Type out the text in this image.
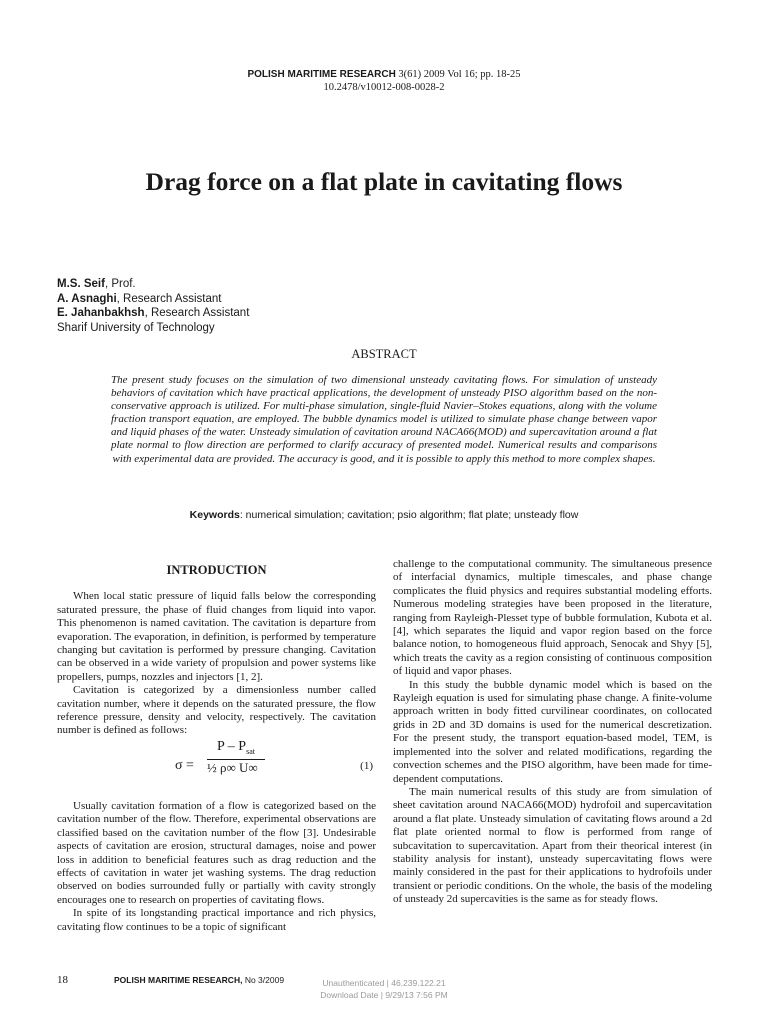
POLISH MARITIME RESEARCH 3(61) 2009 Vol 16; pp. 18-25
10.2478/v10012-008-0028-2
Drag force on a flat plate in cavitating flows
M.S. Seif, Prof.
A. Asnaghi, Research Assistant
E. Jahanbakhsh, Research Assistant
Sharif University of Technology
ABSTRACT
The present study focuses on the simulation of two dimensional unsteady cavitating flows. For simulation of unsteady behaviors of cavitation which have practical applications, the development of unsteady PISO algorithm based on the non-conservative approach is utilized. For multi-phase simulation, single-fluid Navier–Stokes equations, along with the volume fraction transport equation, are employed. The bubble dynamics model is utilized to simulate phase change between vapor and liquid phases of the water. Unsteady simulation of cavitation around NACA66(MOD) and supercavitation around a flat plate normal to flow direction are performed to clarify accuracy of presented model. Numerical results and comparisons with experimental data are provided. The accuracy is good, and it is possible to apply this method to more complex shapes.
Keywords: numerical simulation; cavitation; psio algorithm; flat plate; unsteady flow
INTRODUCTION

When local static pressure of liquid falls below the corresponding saturated pressure, the phase of fluid changes from liquid into vapor. This phenomenon is named cavitation. The cavitation is departure from evaporation. The evaporation, in definition, is performed by temperature changing but cavitation is performed by pressure changing. Cavitation can be observed in a wide variety of propulsion and power systems like propellers, pumps, nozzles and injectors [1, 2].

Cavitation is categorized by a dimensionless number called cavitation number, where it depends on the saturated pressure, the flow reference pressure, density and velocity, respectively. The cavitation number is defined as follows:

σ =
P – $P_{sat}$
½ ρ∞ U∞	(1)

Usually cavitation formation of a flow is categorized based on the cavitation number of the flow. Therefore, experimental observations are classified based on the cavitation number of the flow [3]. Undesirable aspects of cavitation are erosion, structural damages, noise and power loss in addition to beneficial features such as drag reduction and the effects of cavitation in water jet washing systems. The drag reduction observed on bodies surrounded fully or partially with cavity strongly encourages one to research on properties of cavitating flows.

In spite of its longstanding practical importance and rich physics, cavitating flow continues to be a topic of significant

challenge to the computational community. The simultaneous presence of interfacial dynamics, multiple timescales, and phase change complicates the fluid physics and requires substantial modeling efforts. Numerous modeling strategies have been proposed in the literature, ranging from Rayleigh-Plesset type of bubble formulation, Kubota et al. [4], which separates the liquid and vapor region based on the force balance notion, to homogeneous fluid approach, Senocak and Shyy [5], which treats the cavity as a region consisting of continuous composition of liquid and vapor phases.

In this study the bubble dynamic model which is based on the Rayleigh equation is used for simulating phase change. A finite-volume approach written in body fitted curvilinear coordinates, on collocated grids in 2D and 3D domains is used for the numerical descretization. For the present study, the transport equation-based model, TEM, is implemented into the solver and related modifications, regarding the convection schemes and the PISO algorithm, have been made for time-dependent computations.

The main numerical results of this study are from simulation of sheet cavitation around NACA66(MOD) hydrofoil and supercavitation around a flat plate. Unsteady simulation of cavitating flows around a 2d flat plate oriented normal to flow is performed from range of subcavitation to supercavitation. Apart from their theorical interest (in stability analysis for instant), unsteady supercavitating flows were mainly considered in the past for their applications to hydrofoils under transient or periodic conditions. On the whole, the basis of the modeling of unsteady 2d supercavities is the same as for steady flows.

18	POLISH MARITIME RESEARCH, No 3/2009	Unauthenticated | 46.239.122.21
Download Date | 9/29/13 7:56 PM
